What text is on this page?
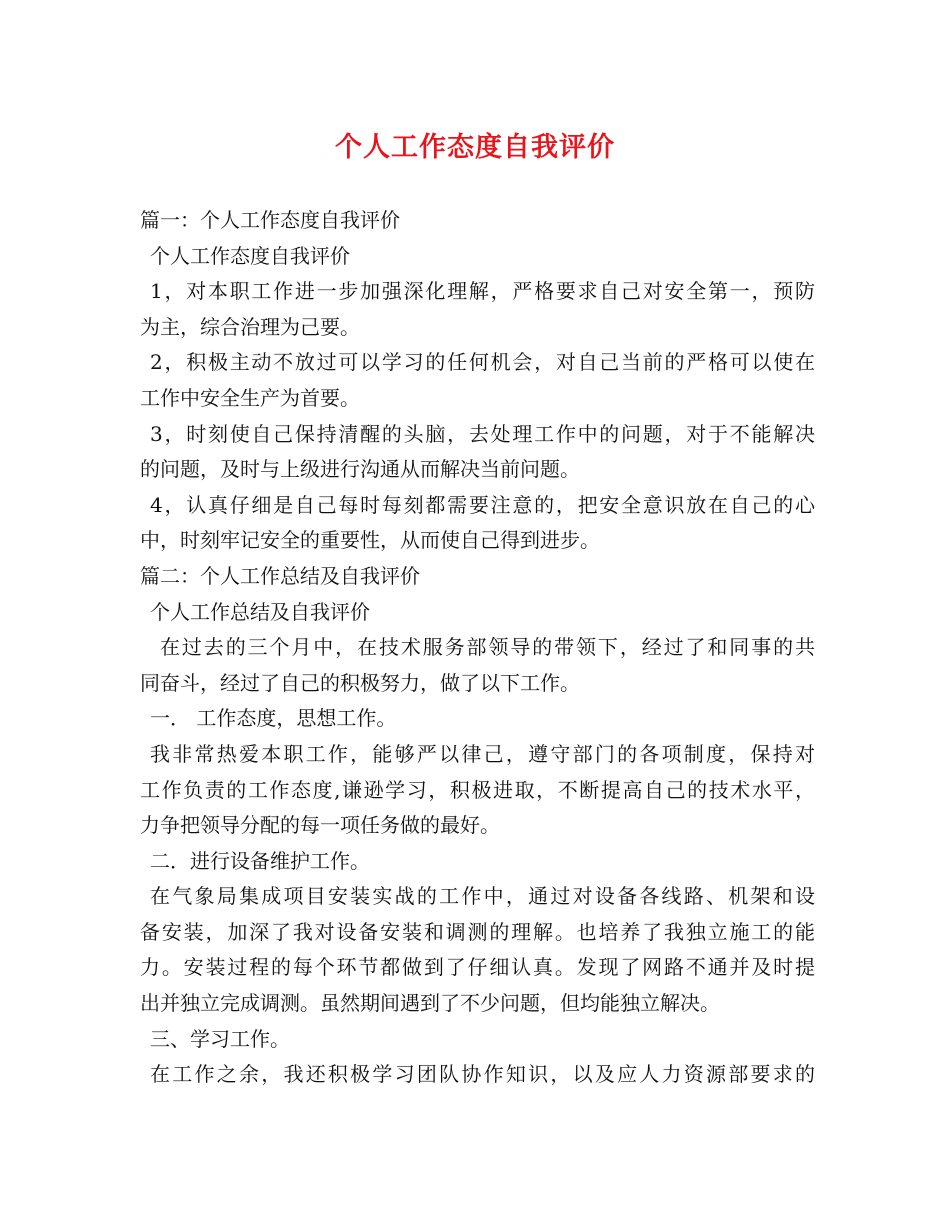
个人工作态度自我评价
篇一：个人工作态度自我评价
个人工作态度自我评价
1，对本职工作进一步加强深化理解，严格要求自己对安全第一，预防
为主，综合治理为己要。
2，积极主动不放过可以学习的任何机会，对自己当前的严格可以使在
工作中安全生产为首要。
3，时刻使自己保持清醒的头脑，去处理工作中的问题，对于不能解决
的问题，及时与上级进行沟通从而解决当前问题。
4，认真仔细是自己每时每刻都需要注意的，把安全意识放在自己的心
中，时刻牢记安全的重要性，从而使自己得到进步。
篇二：个人工作总结及自我评价
个人工作总结及自我评价
在过去的三个月中，在技术服务部领导的带领下，经过了和同事的共
同奋斗，经过了自己的积极努力，做了以下工作。
一． 工作态度，思想工作。
我非常热爱本职工作，能够严以律己，遵守部门的各项制度，保持对
工作负责的工作态度,谦逊学习，积极进取，不断提高自己的技术水平，
力争把领导分配的每一项任务做的最好。
二．进行设备维护工作。
在气象局集成项目安装实战的工作中，通过对设备各线路、机架和设
备安装，加深了我对设备安装和调测的理解。也培养了我独立施工的能
力。安装过程的每个环节都做到了仔细认真。发现了网路不通并及时提
出并独立完成调测。虽然期间遇到了不少问题，但均能独立解决。
三、学习工作。
在工作之余，我还积极学习团队协作知识，以及应人力资源部要求的
